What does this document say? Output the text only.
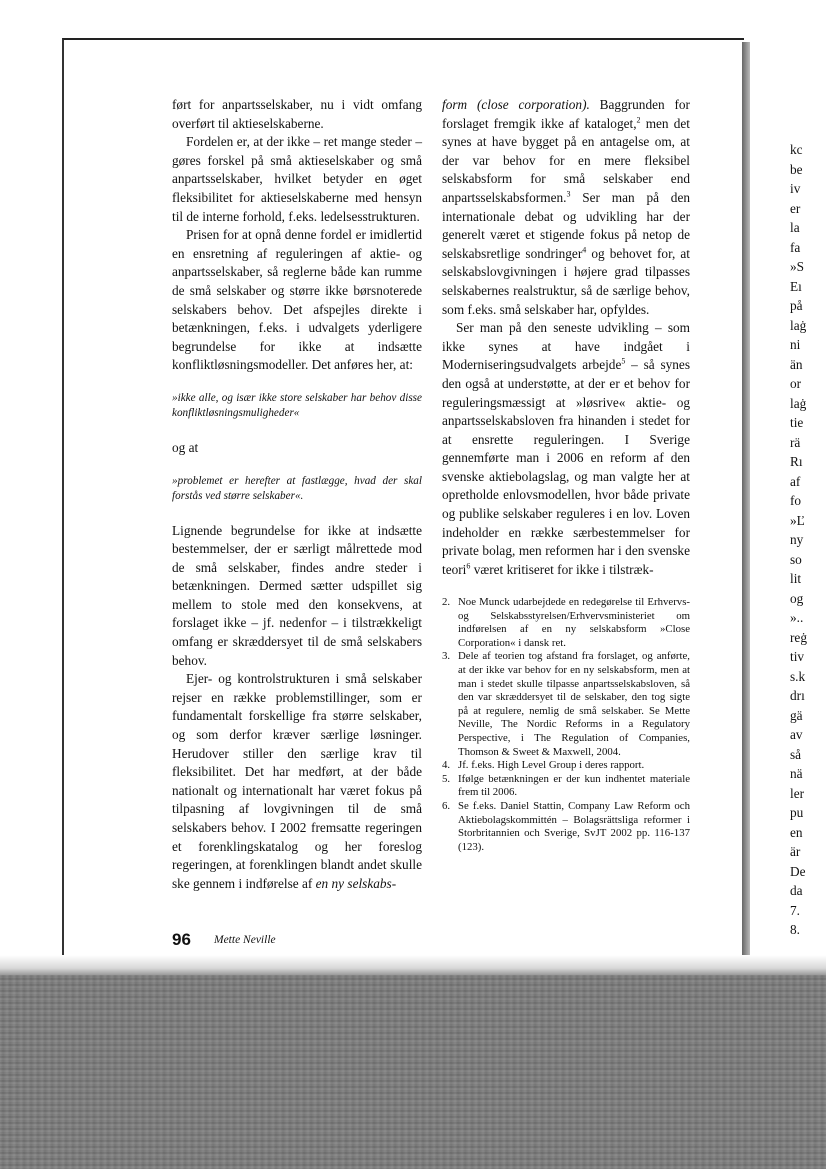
kc
be
iv
er
la
fa
»S
Eı
på
laġ
ni
än
or
laġ
tie
rä
Rı
af
fo
»Ľ
ny
so
lit
og
»..
reġ
tiv
s.k
drı
gä
av
så
nä
ler
pu
en
är
De
da
7.
8.

ført for anpartsselskaber, nu i vidt omfang overført til aktieselskaberne.

Fordelen er, at der ikke – ret mange steder – gøres forskel på små aktieselskaber og små anpartsselskaber, hvilket betyder en øget fleksibilitet for aktieselskaberne med hensyn til de interne forhold, f.eks. ledelsesstrukturen.

Prisen for at opnå denne fordel er imidlertid en ensretning af reguleringen af aktie- og anpartsselskaber, så reglerne både kan rumme de små selskaber og større ikke børsnoterede selskabers behov. Det afspejles direkte i betænkningen, f.eks. i udvalgets yderligere begrundelse for ikke at indsætte konfliktløsningsmodeller. Det anføres her, at:

»ikke alle, og især ikke store selskaber har behov disse konfliktløsningsmuligheder«

og at

»problemet er herefter at fastlægge, hvad der skal forstås ved større selskaber«.

Lignende begrundelse for ikke at indsætte bestemmelser, der er særligt målrettede mod de små selskaber, findes andre steder i betænkningen. Dermed sætter udspillet sig mellem to stole med den konsekvens, at forslaget ikke – jf. nedenfor – i tilstrækkeligt omfang er skræddersyet til de små selskabers behov.

Ejer- og kontrolstrukturen i små selskaber rejser en række problemstillinger, som er fundamentalt forskellige fra større selskaber, og som derfor kræver særlige løsninger. Herudover stiller den særlige krav til fleksibilitet. Det har medført, at der både nationalt og internationalt har været fokus på tilpasning af lovgivningen til de små selskabers behov. I 2002 fremsatte regeringen et forenklingskatalog og her foreslog regeringen, at forenklingen blandt andet skulle ske gennem i indførelse af en ny selskabs-

form (close corporation). Baggrunden for forslaget fremgik ikke af kataloget,$^2$ men det synes at have bygget på en antagelse om, at der var behov for en mere fleksibel selskabsform for små selskaber end anpartsselskabsformen.$^3$ Ser man på den internationale debat og udvikling har der generelt været et stigende fokus på netop de selskabsretlige sondringer$^4$ og behovet for, at selskabslovgivningen i højere grad tilpasses selskabernes realstruktur, så de særlige behov, som f.eks. små selskaber har, opfyldes.

Ser man på den seneste udvikling – som ikke synes at have indgået i Moderniseringsudvalgets arbejde$^5$ – så synes den også at understøtte, at der er et behov for reguleringsmæssigt at »løsrive« aktie- og anpartsselskabsloven fra hinanden i stedet for at ensrette reguleringen. I Sverige gennemførte man i 2006 en reform af den svenske aktiebolagslag, og man valgte her at opretholde enlovsmodellen, hvor både private og publike selskaber reguleres i en lov. Loven indeholder en række særbestemmelser for private bolag, men reformen har i den svenske teori$^6$ været kritiseret for ikke i tilstræk-

2. Noe Munck udarbejdede en redegørelse til Erhvervs- og Selskabsstyrelsen/Erhvervsministeriet om indførelsen af en ny selskabsform »Close Corporation« i dansk ret.
3. Dele af teorien tog afstand fra forslaget, og anførte, at der ikke var behov for en ny selskabsform, men at man i stedet skulle tilpasse anpartsselskabsloven, så den var skræddersyet til de selskaber, den tog sigte på at regulere, nemlig de små selskaber. Se Mette Neville, The Nordic Reforms in a Regulatory Perspective, i The Regulation of Companies, Thomson & Sweet & Maxwell, 2004.
4. Jf. f.eks. High Level Group i deres rapport.
5. Ifølge betænkningen er der kun indhentet materiale frem til 2006.
6. Se f.eks. Daniel Stattin, Company Law Reform och Aktiebolagskommittén – Bolagsrättsliga reformer i Storbritannien och Sverige, SvJT 2002 pp. 116-137 (123).
96 Mette Neville
